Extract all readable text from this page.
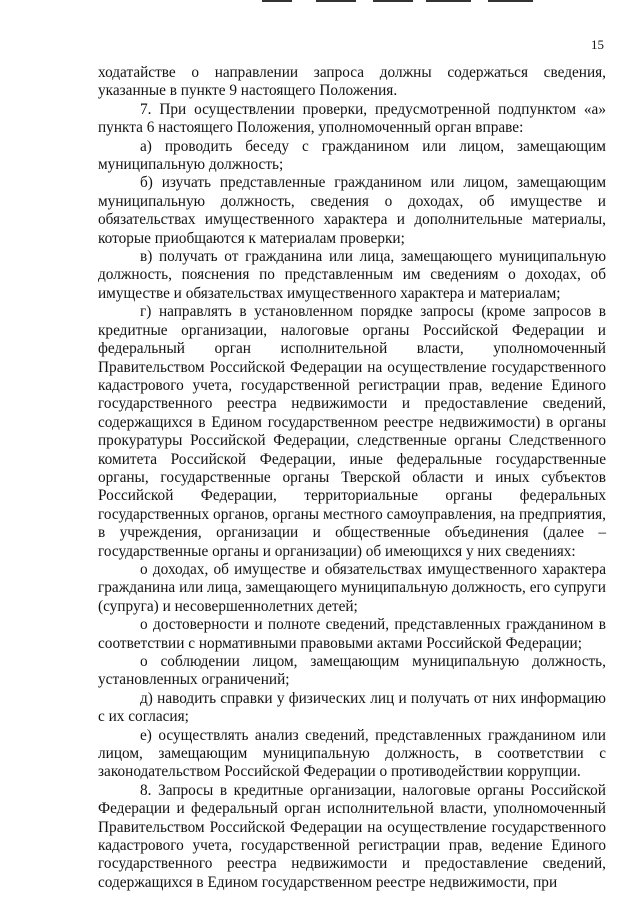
15

ходатайстве о направлении запроса должны содержаться сведения, указанные в пункте 9 настоящего Положения.

7. При осуществлении проверки, предусмотренной подпунктом «а» пункта 6 настоящего Положения, уполномоченный орган вправе:

а) проводить беседу с гражданином или лицом, замещающим муниципальную должность;

б) изучать представленные гражданином или лицом, замещающим муниципальную должность, сведения о доходах, об имуществе и обязательствах имущественного характера и дополнительные материалы, которые приобщаются к материалам проверки;

в) получать от гражданина или лица, замещающего муниципальную должность, пояснения по представленным им сведениям о доходах, об имуществе и обязательствах имущественного характера и материалам;

г) направлять в установленном порядке запросы (кроме запросов в кредитные организации, налоговые органы Российской Федерации и федеральный орган исполнительной власти, уполномоченный Правительством Российской Федерации на осуществление государственного кадастрового учета, государственной регистрации прав, ведение Единого государственного реестра недвижимости и предоставление сведений, содержащихся в Едином государственном реестре недвижимости) в органы прокуратуры Российской Федерации, следственные органы Следственного комитета Российской Федерации, иные федеральные государственные органы, государственные органы Тверской области и иных субъектов Российской Федерации, территориальные органы федеральных государственных органов, органы местного самоуправления, на предприятия, в учреждения, организации и общественные объединения (далее – государственные органы и организации) об имеющихся у них сведениях:

о доходах, об имуществе и обязательствах имущественного характера гражданина или лица, замещающего муниципальную должность, его супруги (супруга) и несовершеннолетних детей;

о достоверности и полноте сведений, представленных гражданином в соответствии с нормативными правовыми актами Российской Федерации;

о соблюдении лицом, замещающим муниципальную должность, установленных ограничений;

д) наводить справки у физических лиц и получать от них информацию с их согласия;

е) осуществлять анализ сведений, представленных гражданином или лицом, замещающим муниципальную должность, в соответствии с законодательством Российской Федерации о противодействии коррупции.

8. Запросы в кредитные организации, налоговые органы Российской Федерации и федеральный орган исполнительной власти, уполномоченный Правительством Российской Федерации на осуществление государственного кадастрового учета, государственной регистрации прав, ведение Единого государственного реестра недвижимости и предоставление сведений, содержащихся в Едином государственном реестре недвижимости, при
